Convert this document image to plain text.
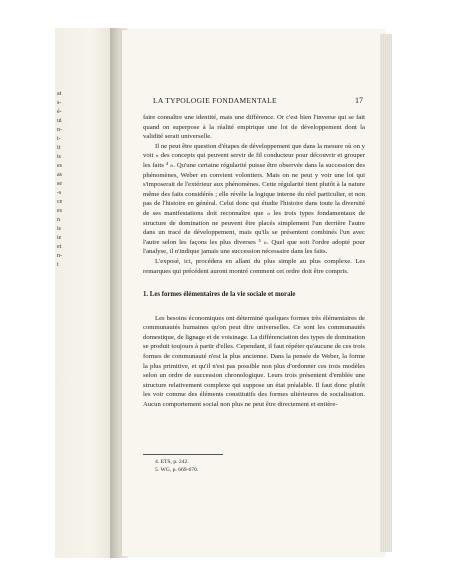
at
s-
é-
ui
n-
t-
it
ts
es
as
se
-s
ce
es
n
is
ie
et
n-
t
LA TYPOLOGIE FONDAMENTALE	17

faire connaître une identité, mais une différence. Or c'est bien l'inverse qui se fait quand on superpose à la réalité empirique une loi de développement dont la validité serait universelle.

Il ne peut être question d'étapes de développement que dans la mesure où on y voit « des concepts qui peuvent servir de fil conducteur pour découvrir et grouper les faits ⁴ ». Qu'une certaine régularité puisse être observée dans la succession des phénomènes, Weber en convient volontiers. Mais on ne peut y voir une loi qui s'imposerait de l'extérieur aux phénomènes. Cette régularité tient plutôt à la nature même des faits considérés ; elle révèle la logique interne du réel particulier, et non pas de l'histoire en général. Celui donc qui étudie l'histoire dans toute la diversité de ses manifestations doit reconnaître que « les trois types fondamentaux de structure de domination ne peuvent être placés simplement l'un derrière l'autre dans un tracé de développement, mais qu'ils se présentent combinés l'un avec l'autre selon les façons les plus diverses ⁵ ». Quel que soit l'ordre adopté pour l'analyse, il n'indique jamais une succession nécessaire dans les faits.

L'exposé, ici, procédera en allant du plus simple au plus complexe. Les remarques qui précédent auront montré comment cet ordre doit être compris.

1. Les formes élémentaires de la vie sociale et morale

Les besoins économiques ont déterminé quelques formes très élémentaires de communautés humaines qu'on peut dire universelles. Ce sont les communautés domestique, de lignage et de voisinage. La différenciation des types de domination se produit toujours à partir d'elles. Cependant, il faut répéter qu'aucune de ces trois formes de communauté n'est la plus ancienne. Dans la pensée de Weber, la forme la plus primitive, et qu'il n'est pas possible non plus d'ordonner ces trois modèles selon un ordre de succession chronologique. Leurs trois présentent d'emblée une structure relativement complexe qui suppose un état préalable. Il faut donc plutôt les voir comme des éléments constitutifs des formes ultérieures de socialisation. Aucun comportement social non plus ne peut être directement et entière-

4. ETS, p. 242.
5. WG, p. 669-670.
